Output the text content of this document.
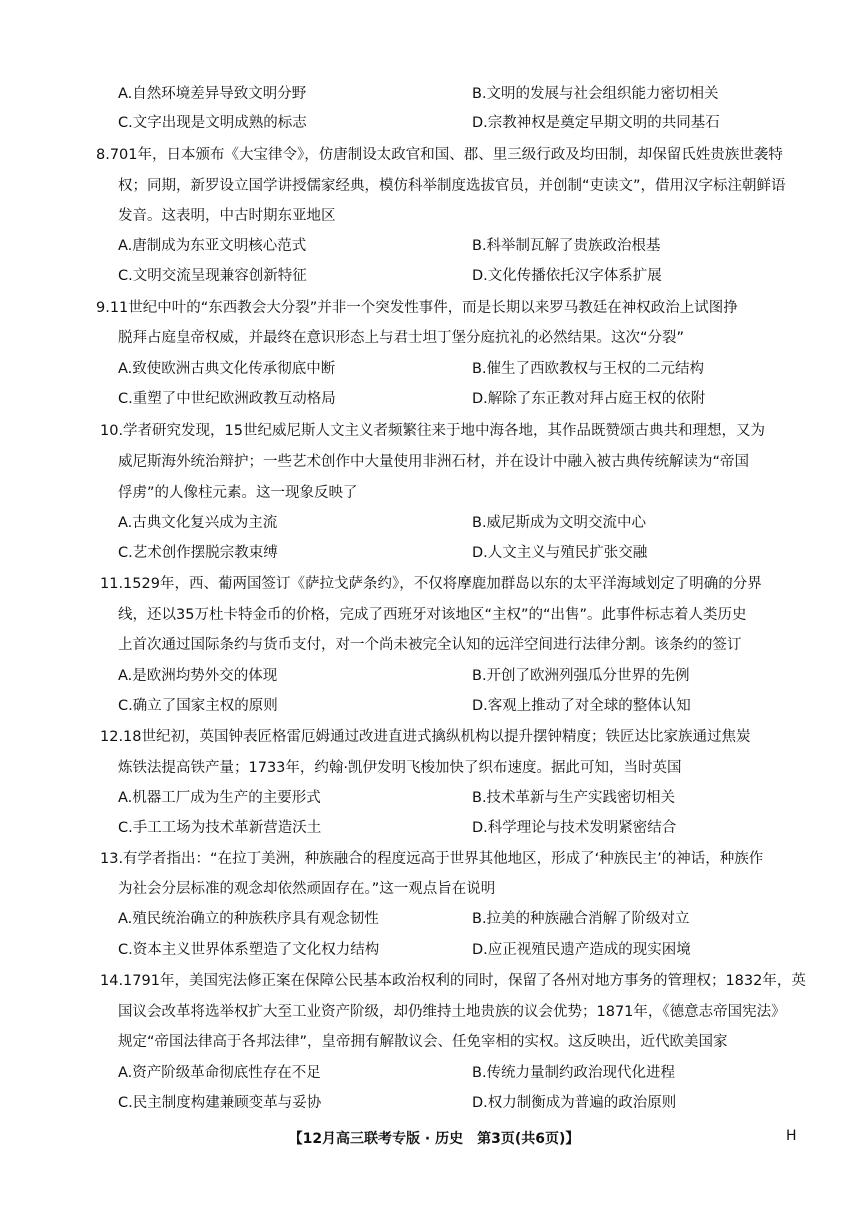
A.自然环境差异导致文明分野	B.文明的发展与社会组织能力密切相关
C.文字出现是文明成熟的标志	D.宗教神权是奠定早期文明的共同基石
8.701年，日本颁布《大宝律令》，仿唐制设太政官和国、郡、里三级行政及均田制，却保留氏姓贵族世袭特
权；同期，新罗设立国学讲授儒家经典，模仿科举制度选拔官员，并创制“吏读文”，借用汉字标注朝鲜语
发音。这表明，中古时期东亚地区
A.唐制成为东亚文明核心范式	B.科举制瓦解了贵族政治根基
C.文明交流呈现兼容创新特征	D.文化传播依托汉字体系扩展
9.11世纪中叶的“东西教会大分裂”并非一个突发性事件，而是长期以来罗马教廷在神权政治上试图挣
脱拜占庭皇帝权威，并最终在意识形态上与君士坦丁堡分庭抗礼的必然结果。这次“分裂”
A.致使欧洲古典文化传承彻底中断	B.催生了西欧教权与王权的二元结构
C.重塑了中世纪欧洲政教互动格局	D.解除了东正教对拜占庭王权的依附
10.学者研究发现，15世纪威尼斯人文主义者频繁往来于地中海各地，其作品既赞颂古典共和理想，又为
威尼斯海外统治辩护；一些艺术创作中大量使用非洲石材，并在设计中融入被古典传统解读为“帝国
俘虏”的人像柱元素。这一现象反映了
A.古典文化复兴成为主流	B.威尼斯成为文明交流中心
C.艺术创作摆脱宗教束缚	D.人文主义与殖民扩张交融
11.1529年，西、葡两国签订《萨拉戈萨条约》，不仅将摩鹿加群岛以东的太平洋海域划定了明确的分界
线，还以35万杜卡特金币的价格，完成了西班牙对该地区“主权”的“出售”。此事件标志着人类历史
上首次通过国际条约与货币支付，对一个尚未被完全认知的远洋空间进行法律分割。该条约的签订
A.是欧洲均势外交的体现	B.开创了欧洲列强瓜分世界的先例
C.确立了国家主权的原则	D.客观上推动了对全球的整体认知
12.18世纪初，英国钟表匠格雷厄姆通过改进直进式擒纵机构以提升摆钟精度；铁匠达比家族通过焦炭
炼铁法提高铁产量；1733年，约翰·凯伊发明飞梭加快了织布速度。据此可知，当时英国
A.机器工厂成为生产的主要形式	B.技术革新与生产实践密切相关
C.手工工场为技术革新营造沃土	D.科学理论与技术发明紧密结合
13.有学者指出：“在拉丁美洲，种族融合的程度远高于世界其他地区，形成了‘种族民主’的神话，种族作
为社会分层标准的观念却依然顽固存在。”这一观点旨在说明
A.殖民统治确立的种族秩序具有观念韧性	B.拉美的种族融合消解了阶级对立
C.资本主义世界体系塑造了文化权力结构	D.应正视殖民遗产造成的现实困境
14.1791年，美国宪法修正案在保障公民基本政治权利的同时，保留了各州对地方事务的管理权；1832年，英
国议会改革将选举权扩大至工业资产阶级，却仍维持土地贵族的议会优势；1871年，《德意志帝国宪法》
规定“帝国法律高于各邦法律”，皇帝拥有解散议会、任免宰相的实权。这反映出，近代欧美国家
A.资产阶级革命彻底性存在不足	B.传统力量制约政治现代化进程
C.民主制度构建兼顾变革与妥协	D.权力制衡成为普遍的政治原则
【12月高三联考专版 · 历史　第3页(共6页)】	H
